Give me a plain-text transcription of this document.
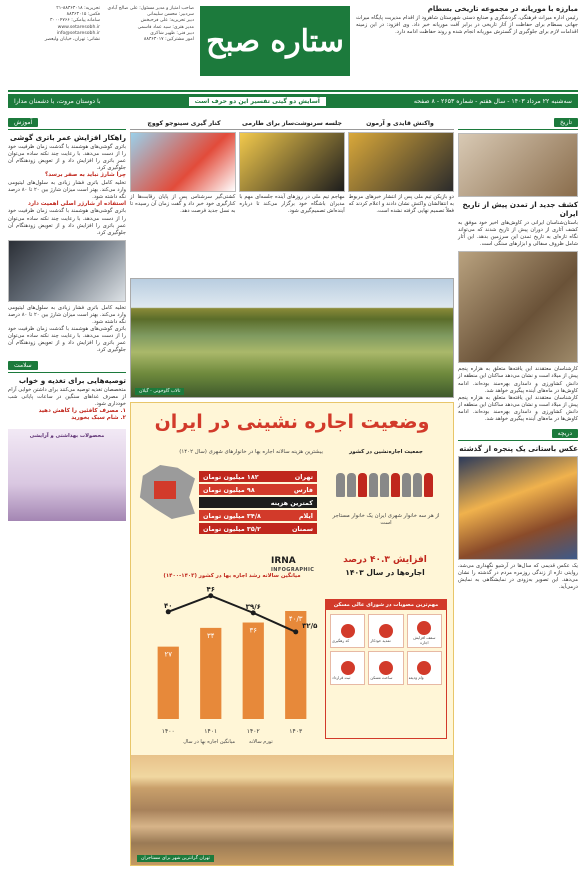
مبارزه با موریانه در مجموعه تاریخی بسطام

رئیس اداره میراث فرهنگی، گردشگری و صنایع دستی شهرستان شاهرود از اقدام مدیریت پایگاه میراث جهانی بسطام برای حفاظت از آثار تاریخی در برابر آفت موریانه خبر داد. وی افزود: در این زمینه اقدامات لازم برای جلوگیری از گسترش موریانه انجام شده و روند حفاظت ادامه دارد.

ستاره صبح
صاحب امتیاز و مدیر مسئول: علی صالح آبادی
سردبیر: محسن سلیمانی
دبیر تحریریه: علی فرحبخش
مدیر هنری: سید عماد قاسمی
دبیر فنی: ظهیر شاکری
امور مشترکین: ۸۸۳۶۳۰۱۷
تحریریه: ۸۸۳۶۳۰۱۸-۲۱
فکس: ۸۸۳۶۳۰۱۵
سامانه پیامکی: ۳۰۰۰۴۷۶۶
www.setaresobh.ir
info@setaresobh.ir
نشانی: تهران، خیابان ولیعصر
سه‌شنبه ۲۲ مرداد ۱۴۰۳ - سال هفتم - شماره ۲۶۵۳ - ۸ صفحه
آسایش دو گیتی تفسیر این دو حرف است
با دوستان مروت، با دشمنان مدارا
تاریخ
کشف جدید از تمدن پیش از تاریخ ایران

باستان‌شناسان ایرانی در کاوش‌های اخیر خود موفق به کشف آثاری از دوران پیش از تاریخ شدند که می‌تواند نگاه تازه‌ای به تاریخ تمدن این سرزمین بدهد. این آثار شامل ظروف سفالی و ابزارهای سنگی است.

کارشناسان معتقدند این یافته‌ها متعلق به هزاره پنجم پیش از میلاد است و نشان می‌دهد ساکنان این منطقه از دانش کشاورزی و دامداری بهره‌مند بوده‌اند. ادامه کاوش‌ها در ماه‌های آینده پیگیری خواهد شد.

کارشناسان معتقدند این یافته‌ها متعلق به هزاره پنجم پیش از میلاد است و نشان می‌دهد ساکنان این منطقه از دانش کشاورزی و دامداری بهره‌مند بوده‌اند. ادامه کاوش‌ها در ماه‌های آینده پیگیری خواهد شد.

دریچه
عکس باستانی یک پنجره از گذشته

یک عکس قدیمی که سال‌ها در آرشیو نگهداری می‌شد، روایتی تازه از زندگی روزمره مردم در گذشته را نشان می‌دهد. این تصویر به‌زودی در نمایشگاهی به نمایش درمی‌آید.

آموزش
راهکار افزایش عمر باتری گوشی

باتری گوشی‌های هوشمند با گذشت زمان ظرفیت خود را از دست می‌دهد. با رعایت چند نکته ساده می‌توان عمر باتری را افزایش داد و از تعویض زودهنگام آن جلوگیری کرد.

چرا شارژ نباید به صفر برسد؟

تخلیه کامل باتری فشار زیادی به سلول‌های لیتیومی وارد می‌کند. بهتر است میزان شارژ بین ۲۰ تا ۸۰ درصد نگه داشته شود.

استفاده از شارژر اصلی اهمیت دارد

باتری گوشی‌های هوشمند با گذشت زمان ظرفیت خود را از دست می‌دهد. با رعایت چند نکته ساده می‌توان عمر باتری را افزایش داد و از تعویض زودهنگام آن جلوگیری کرد.

تخلیه کامل باتری فشار زیادی به سلول‌های لیتیومی وارد می‌کند. بهتر است میزان شارژ بین ۲۰ تا ۸۰ درصد نگه داشته شود.

باتری گوشی‌های هوشمند با گذشت زمان ظرفیت خود را از دست می‌دهد. با رعایت چند نکته ساده می‌توان عمر باتری را افزایش داد و از تعویض زودهنگام آن جلوگیری کرد.

سلامت
توصیه‌هایی برای تغذیه و خواب

متخصصان تغذیه توصیه می‌کنند برای داشتن خوابی آرام از مصرف غذاهای سنگین در ساعات پایانی شب خودداری شود.

۱. مصرف کافئین را کاهش دهید
۲. شام سبک بخورید
محصولات بهداشتی و آرایشی
واکنش قایدی و آرمون
جلسه سرنوشت‌ساز برای طارمی
کنار گیری سینوجو کووچ

دو بازیکن تیم ملی پس از انتشار خبرهای مربوط به انتقالشان واکنش نشان دادند و اعلام کردند که فعلاً تصمیم نهایی گرفته نشده است.

مهاجم تیم ملی در روزهای آینده جلسه‌ای مهم با مدیران باشگاه خود برگزار می‌کند تا درباره آینده‌اش تصمیم‌گیری شود.

کشتی‌گیر سرشناس پس از پایان رقابت‌ها از کنارگیری خود خبر داد و گفت زمان آن رسیده تا به نسل جدید فرصت دهد.

تالاب گاوخونی - گیلان
وضعیت اجاره نشینی در ایران
بیشترین هزینه سالانه اجاره بها در خانوارهای شهری (سال ۱۴۰۲)
تهران
۱۸۲ میلیون تومان
فارس
۹۸ میلیون تومان
کمترین هزینه
ایلام
۳۴/۸ میلیون تومان
سمنان
۳۵/۲ میلیون تومان
جمعیت اجاره‌نشین در کشور
از هر سه خانوار شهری ایران یک خانوار مستاجر است
IRNA
INFOGRAPHIC
افزایش ۴۰.۳ درصد
اجاره‌ها در سال ۱۴۰۳
میانگین سالانه رشد اجاره بها در کشور (۱۴۰۳-۱۴۰۰)
۲۷
۱۴۰۰
۳۴
۱۴۰۱
۳۶
۱۴۰۲
۴۰/۳
۱۴۰۳
۴۰
۴۶
۳۹/۶
۳۲/۵
تورم سالانه
میانگین اجاره بها در سال
مهم‌ترین مصوبات در شورای عالی مسکن
سقف افزایش اجاره
تمدید خودکار
کد رهگیری
وام ودیعه
ساخت مسکن
ثبت قرارداد
تهران گرانترین شهر برای مستاجران
